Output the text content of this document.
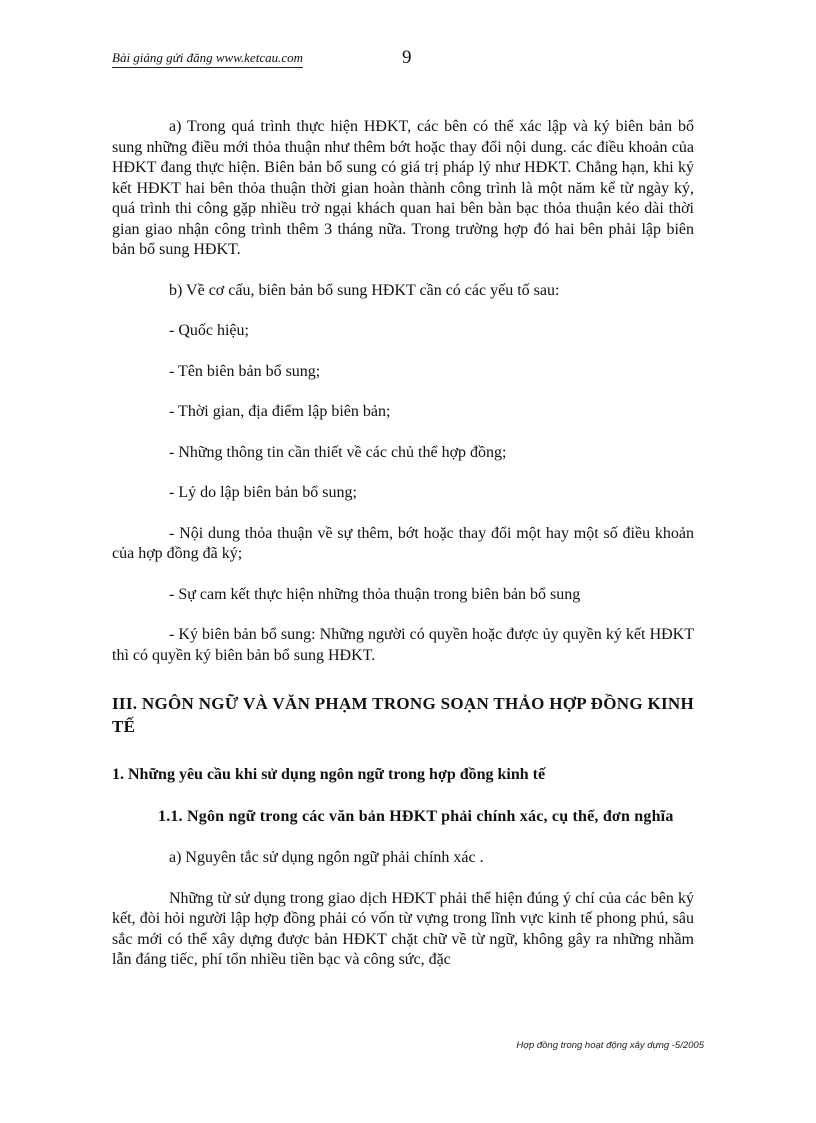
Bài giảng gửi đăng www.ketcau.com	9

a) Trong quá trình thực hiện HĐKT, các bên có thể xác lập và ký biên bản bổ sung những điều mới thỏa thuận như thêm bớt hoặc thay đổi nội dung. các điều khoản của HĐKT đang thực hiện. Biên bản bổ sung có giá trị pháp lý như HĐKT. Chẳng hạn, khi ký kết HĐKT hai bên thỏa thuận thời gian hoàn thành công trình là một năm kể từ ngày ký, quá trình thi công gặp nhiều trở ngại khách quan hai bên bàn bạc thỏa thuận kéo dài thời gian giao nhận công trình thêm 3 tháng nữa. Trong trường hợp đó hai bên phải lập biên bản bổ sung HĐKT.

b) Về cơ cấu, biên bản bổ sung HĐKT cần có các yếu tố sau:

- Quốc hiệu;

- Tên biên bản bổ sung;

- Thời gian, địa điểm lập biên bản;

- Những thông tin cần thiết về các chủ thể hợp đồng;

- Lý do lập biên bản bổ sung;

- Nội dung thỏa thuận về sự thêm, bớt hoặc thay đổi một hay một số điều khoản của hợp đồng đã ký;

- Sự cam kết thực hiện những thỏa thuận trong biên bản bổ sung

- Ký biên bản bổ sung: Những người có quyền hoặc được ủy quyền ký kết HĐKT thì có quyền ký biên bản bổ sung HĐKT.

III. NGÔN NGỮ VÀ VĂN PHẠM TRONG SOẠN THẢO HỢP ĐỒNG KINH TẾ

1. Những yêu cầu khi sử dụng ngôn ngữ trong hợp đồng kinh tế

1.1. Ngôn ngữ trong các văn bản HĐKT phải chính xác, cụ thể, đơn nghĩa

a) Nguyên tắc sử dụng ngôn ngữ phải chính xác .

Những từ sử dụng trong giao dịch HĐKT phải thể hiện đúng ý chí của các bên ký kết, đòi hỏi người lập hợp đồng phải có vốn từ vựng trong lĩnh vực kinh tế phong phú, sâu sắc mới có thể xây dựng được bản HĐKT chặt chữ về từ ngữ, không gây ra những nhầm lẫn đáng tiếc, phí tổn nhiều tiền bạc và công sức, đặc

Hợp đồng trong hoạt động xây dựng -5/2005
